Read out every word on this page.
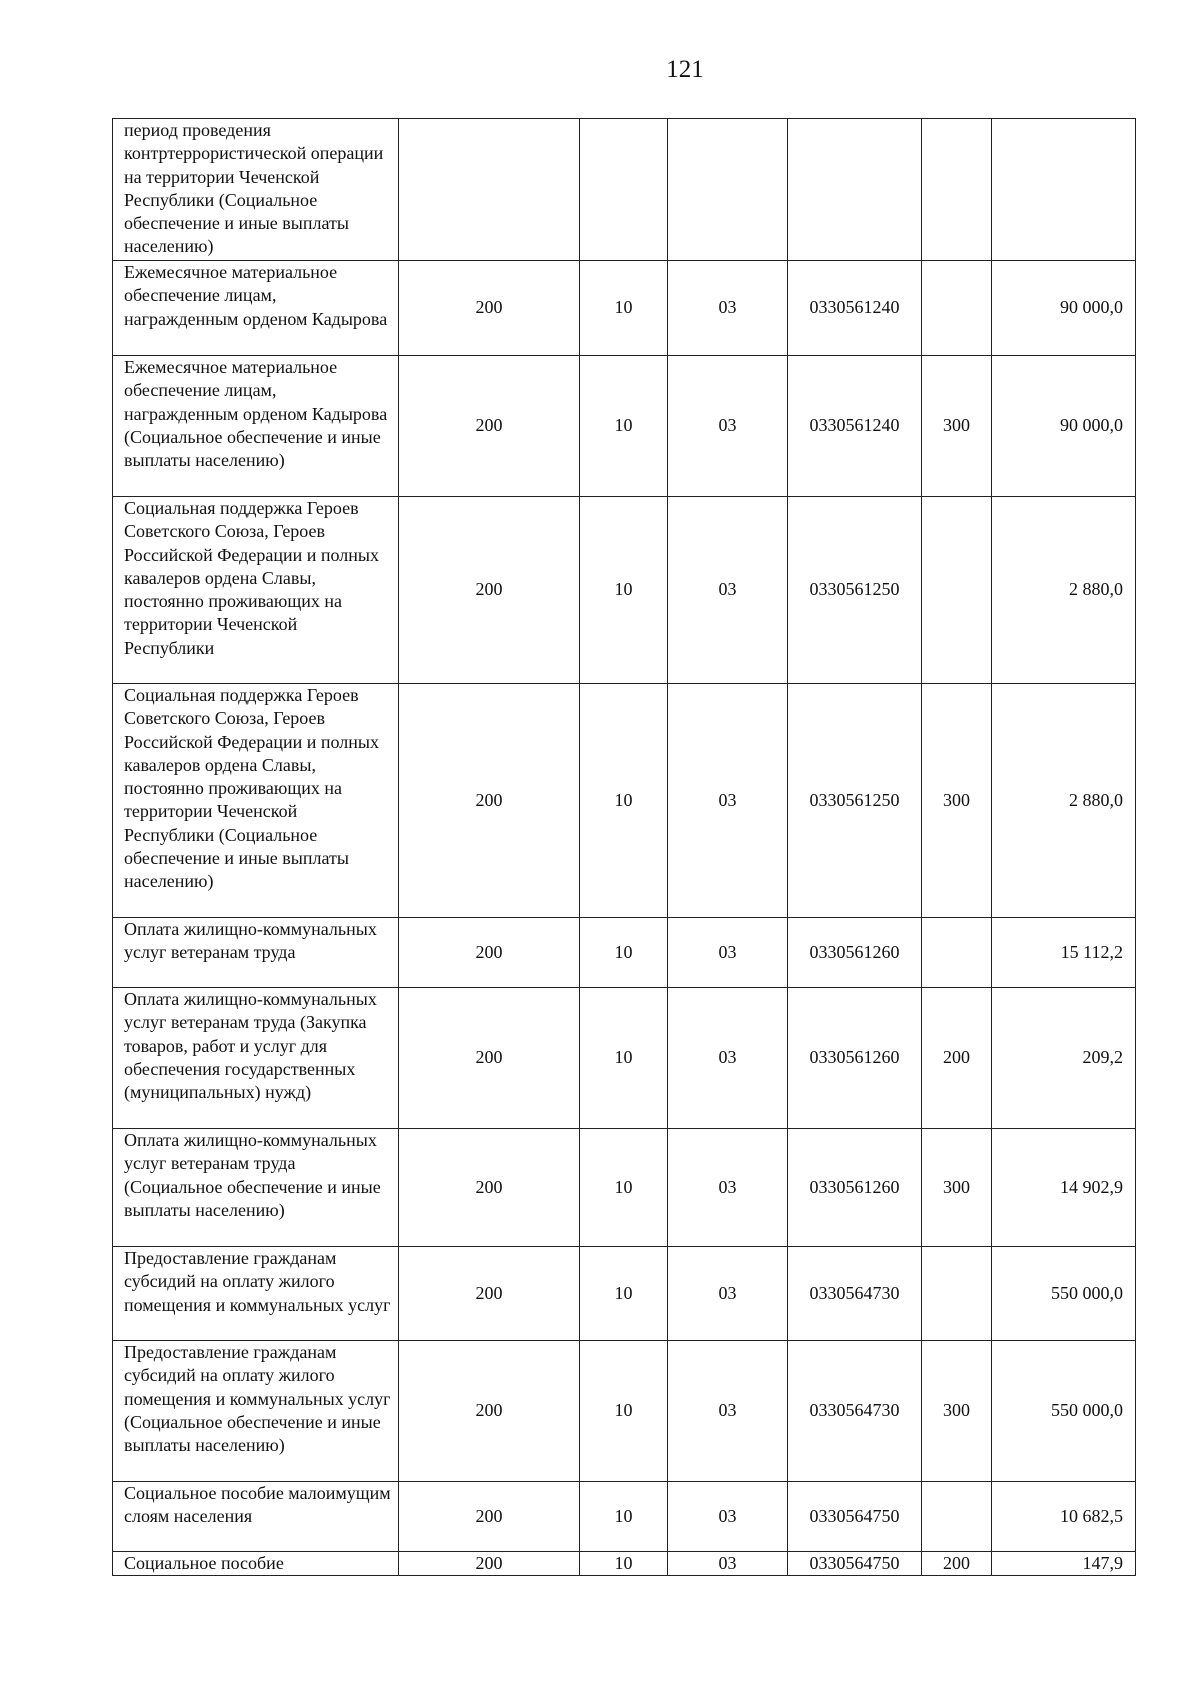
121
период проведения контртеррористической операции на территории Чеченской Республики (Социальное обеспечение и иные выплаты населению)						
Ежемесячное материальное обеспечение лицам, награжденным орденом Кадырова	200	10	03	0330561240		90 000,0
Ежемесячное материальное обеспечение лицам, награжденным орденом Кадырова (Социальное обеспечение и иные выплаты населению)	200	10	03	0330561240	300	90 000,0
Социальная поддержка Героев Советского Союза, Героев Российской Федерации и полных кавалеров ордена Славы, постоянно проживающих на территории Чеченской Республики	200	10	03	0330561250		2 880,0
Социальная поддержка Героев Советского Союза, Героев Российской Федерации и полных кавалеров ордена Славы, постоянно проживающих на территории Чеченской Республики (Социальное обеспечение и иные выплаты населению)	200	10	03	0330561250	300	2 880,0
Оплата жилищно-коммунальных услуг ветеранам труда	200	10	03	0330561260		15 112,2
Оплата жилищно-коммунальных услуг ветеранам труда (Закупка товаров, работ и услуг для обеспечения государственных (муниципальных) нужд)	200	10	03	0330561260	200	209,2
Оплата жилищно-коммунальных услуг ветеранам труда (Социальное обеспечение и иные выплаты населению)	200	10	03	0330561260	300	14 902,9
Предоставление гражданам субсидий на оплату жилого помещения и коммунальных услуг	200	10	03	0330564730		550 000,0
Предоставление гражданам субсидий на оплату жилого помещения и коммунальных услуг (Социальное обеспечение и иные выплаты населению)	200	10	03	0330564730	300	550 000,0
Социальное пособие малоимущим слоям населения	200	10	03	0330564750		10 682,5
Социальное пособие	200	10	03	0330564750	200	147,9
